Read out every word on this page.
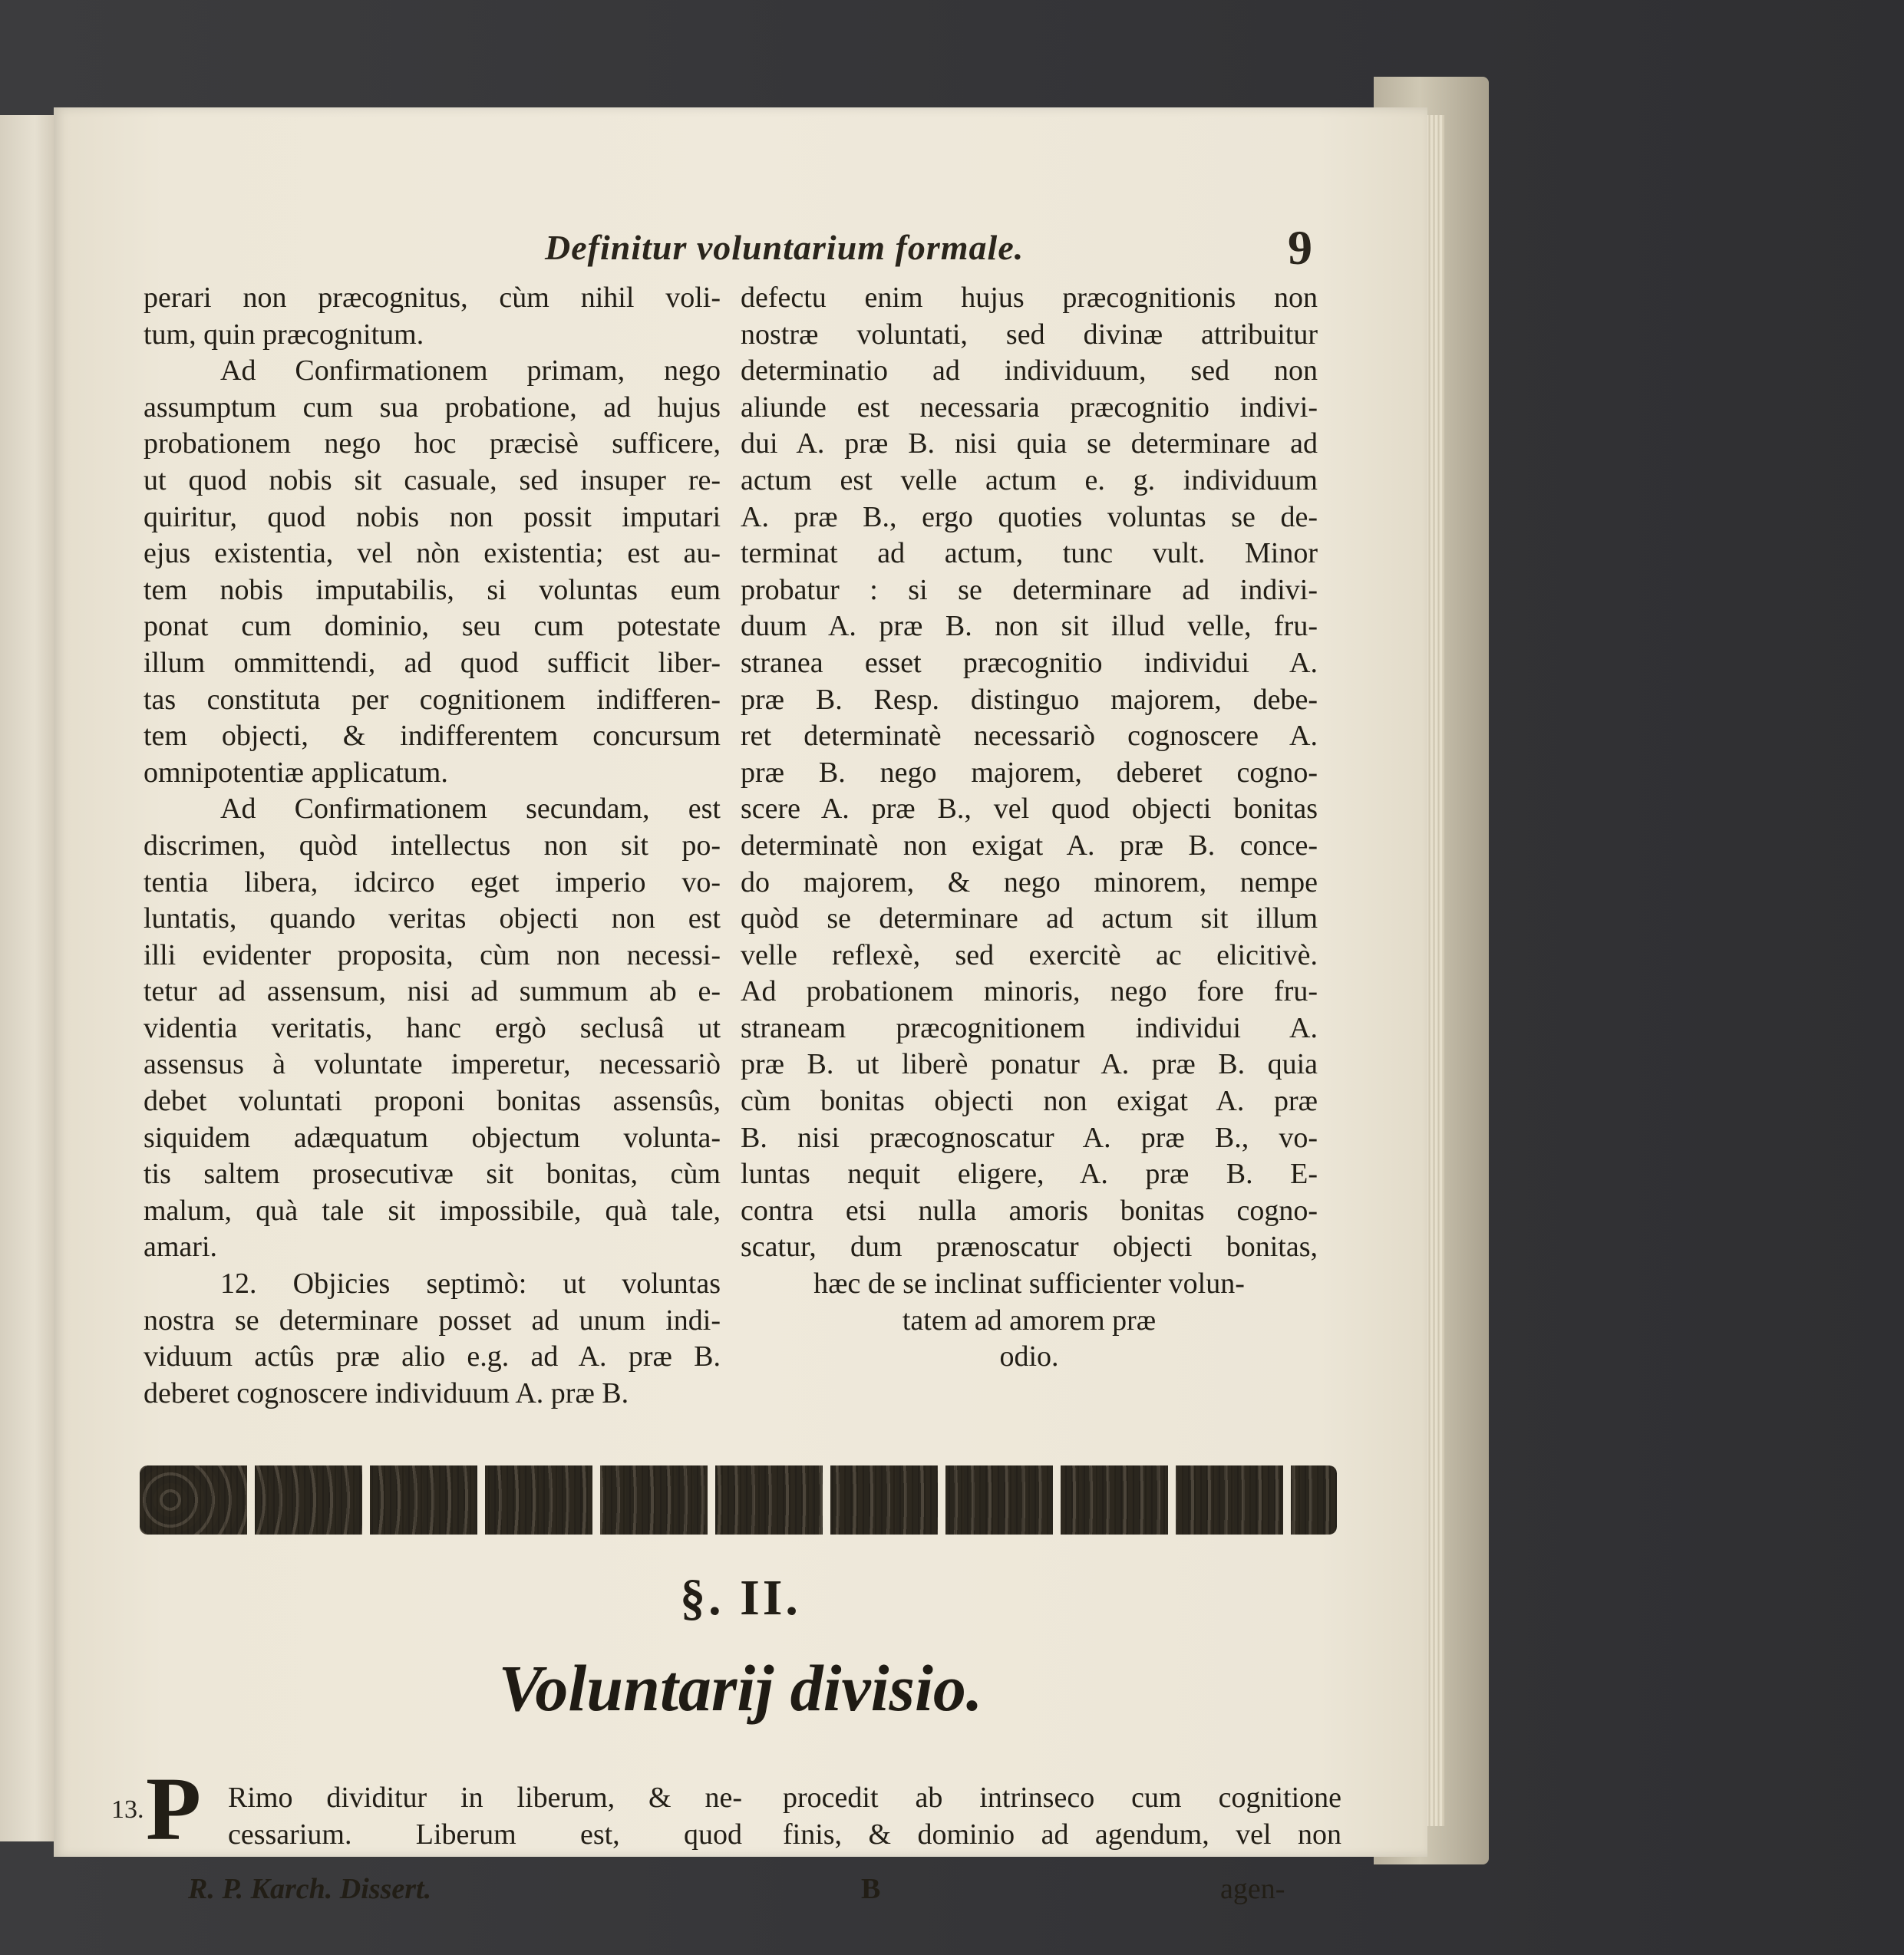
Definitur voluntarium formale.	9
perari non præcognitus, cùm nihil voli-
tum, quin præcognitum.
Ad Confirmationem primam, nego
assumptum cum sua probatione, ad hujus
probationem nego hoc præcisè sufficere,
ut quod nobis sit casuale, sed insuper re-
quiritur, quod nobis non possit imputari
ejus existentia, vel nòn existentia; est au-
tem nobis imputabilis, si voluntas eum
ponat cum dominio, seu cum potestate
illum ommittendi, ad quod sufficit liber-
tas constituta per cognitionem indifferen-
tem objecti, & indifferentem concursum
omnipotentiæ applicatum.
Ad Confirmationem secundam, est
discrimen, quòd intellectus non sit po-
tentia libera, idcirco eget imperio vo-
luntatis, quando veritas objecti non est
illi evidenter proposita, cùm non necessi-
tetur ad assensum, nisi ad summum ab e-
videntia veritatis, hanc ergò seclusâ ut
assensus à voluntate imperetur, necessariò
debet voluntati proponi bonitas assensûs,
siquidem adæquatum objectum volunta-
tis saltem prosecutivæ sit bonitas, cùm
malum, quà tale sit impossibile, quà tale,
amari.
12. Objicies septimò: ut voluntas
nostra se determinare posset ad unum indi-
viduum actûs præ alio e.g. ad A. præ B.
deberet cognoscere individuum A. præ B.
defectu enim hujus præcognitionis non
nostræ voluntati, sed divinæ attribuitur
determinatio ad individuum, sed non
aliunde est necessaria præcognitio indivi-
dui A. præ B. nisi quia se determinare ad
actum est velle actum e. g. individuum
A. præ B., ergo quoties voluntas se de-
terminat ad actum, tunc vult. Minor
probatur : si se determinare ad indivi-
duum A. præ B. non sit illud velle, fru-
stranea esset præcognitio individui A.
præ B. Resp. distinguo majorem, debe-
ret determinatè necessariò cognoscere A.
præ B. nego majorem, deberet cogno-
scere A. præ B., vel quod objecti bonitas
determinatè non exigat A. præ B. conce-
do majorem, & nego minorem, nempe
quòd se determinare ad actum sit illum
velle reflexè, sed exercitè ac elicitivè.
Ad probationem minoris, nego fore fru-
straneam præcognitionem individui A.
præ B. ut liberè ponatur A. præ B. quia
cùm bonitas objecti non exigat A. præ
B. nisi præcognoscatur A. præ B., vo-
luntas nequit eligere, A. præ B. E-
contra etsi nulla amoris bonitas cogno-
scatur, dum prænoscatur objecti bonitas,
hæc de se inclinat sufficienter volun-
tatem ad amorem præ
odio.
§. II.
Voluntarij divisio.
13. P Rimo dividitur in liberum, & ne-
cessarium. Liberum est, quod
procedit ab intrinseco cum cognitione
finis, & dominio ad agendum, vel non
R. P. Karch. Dissert.	B	agen-
